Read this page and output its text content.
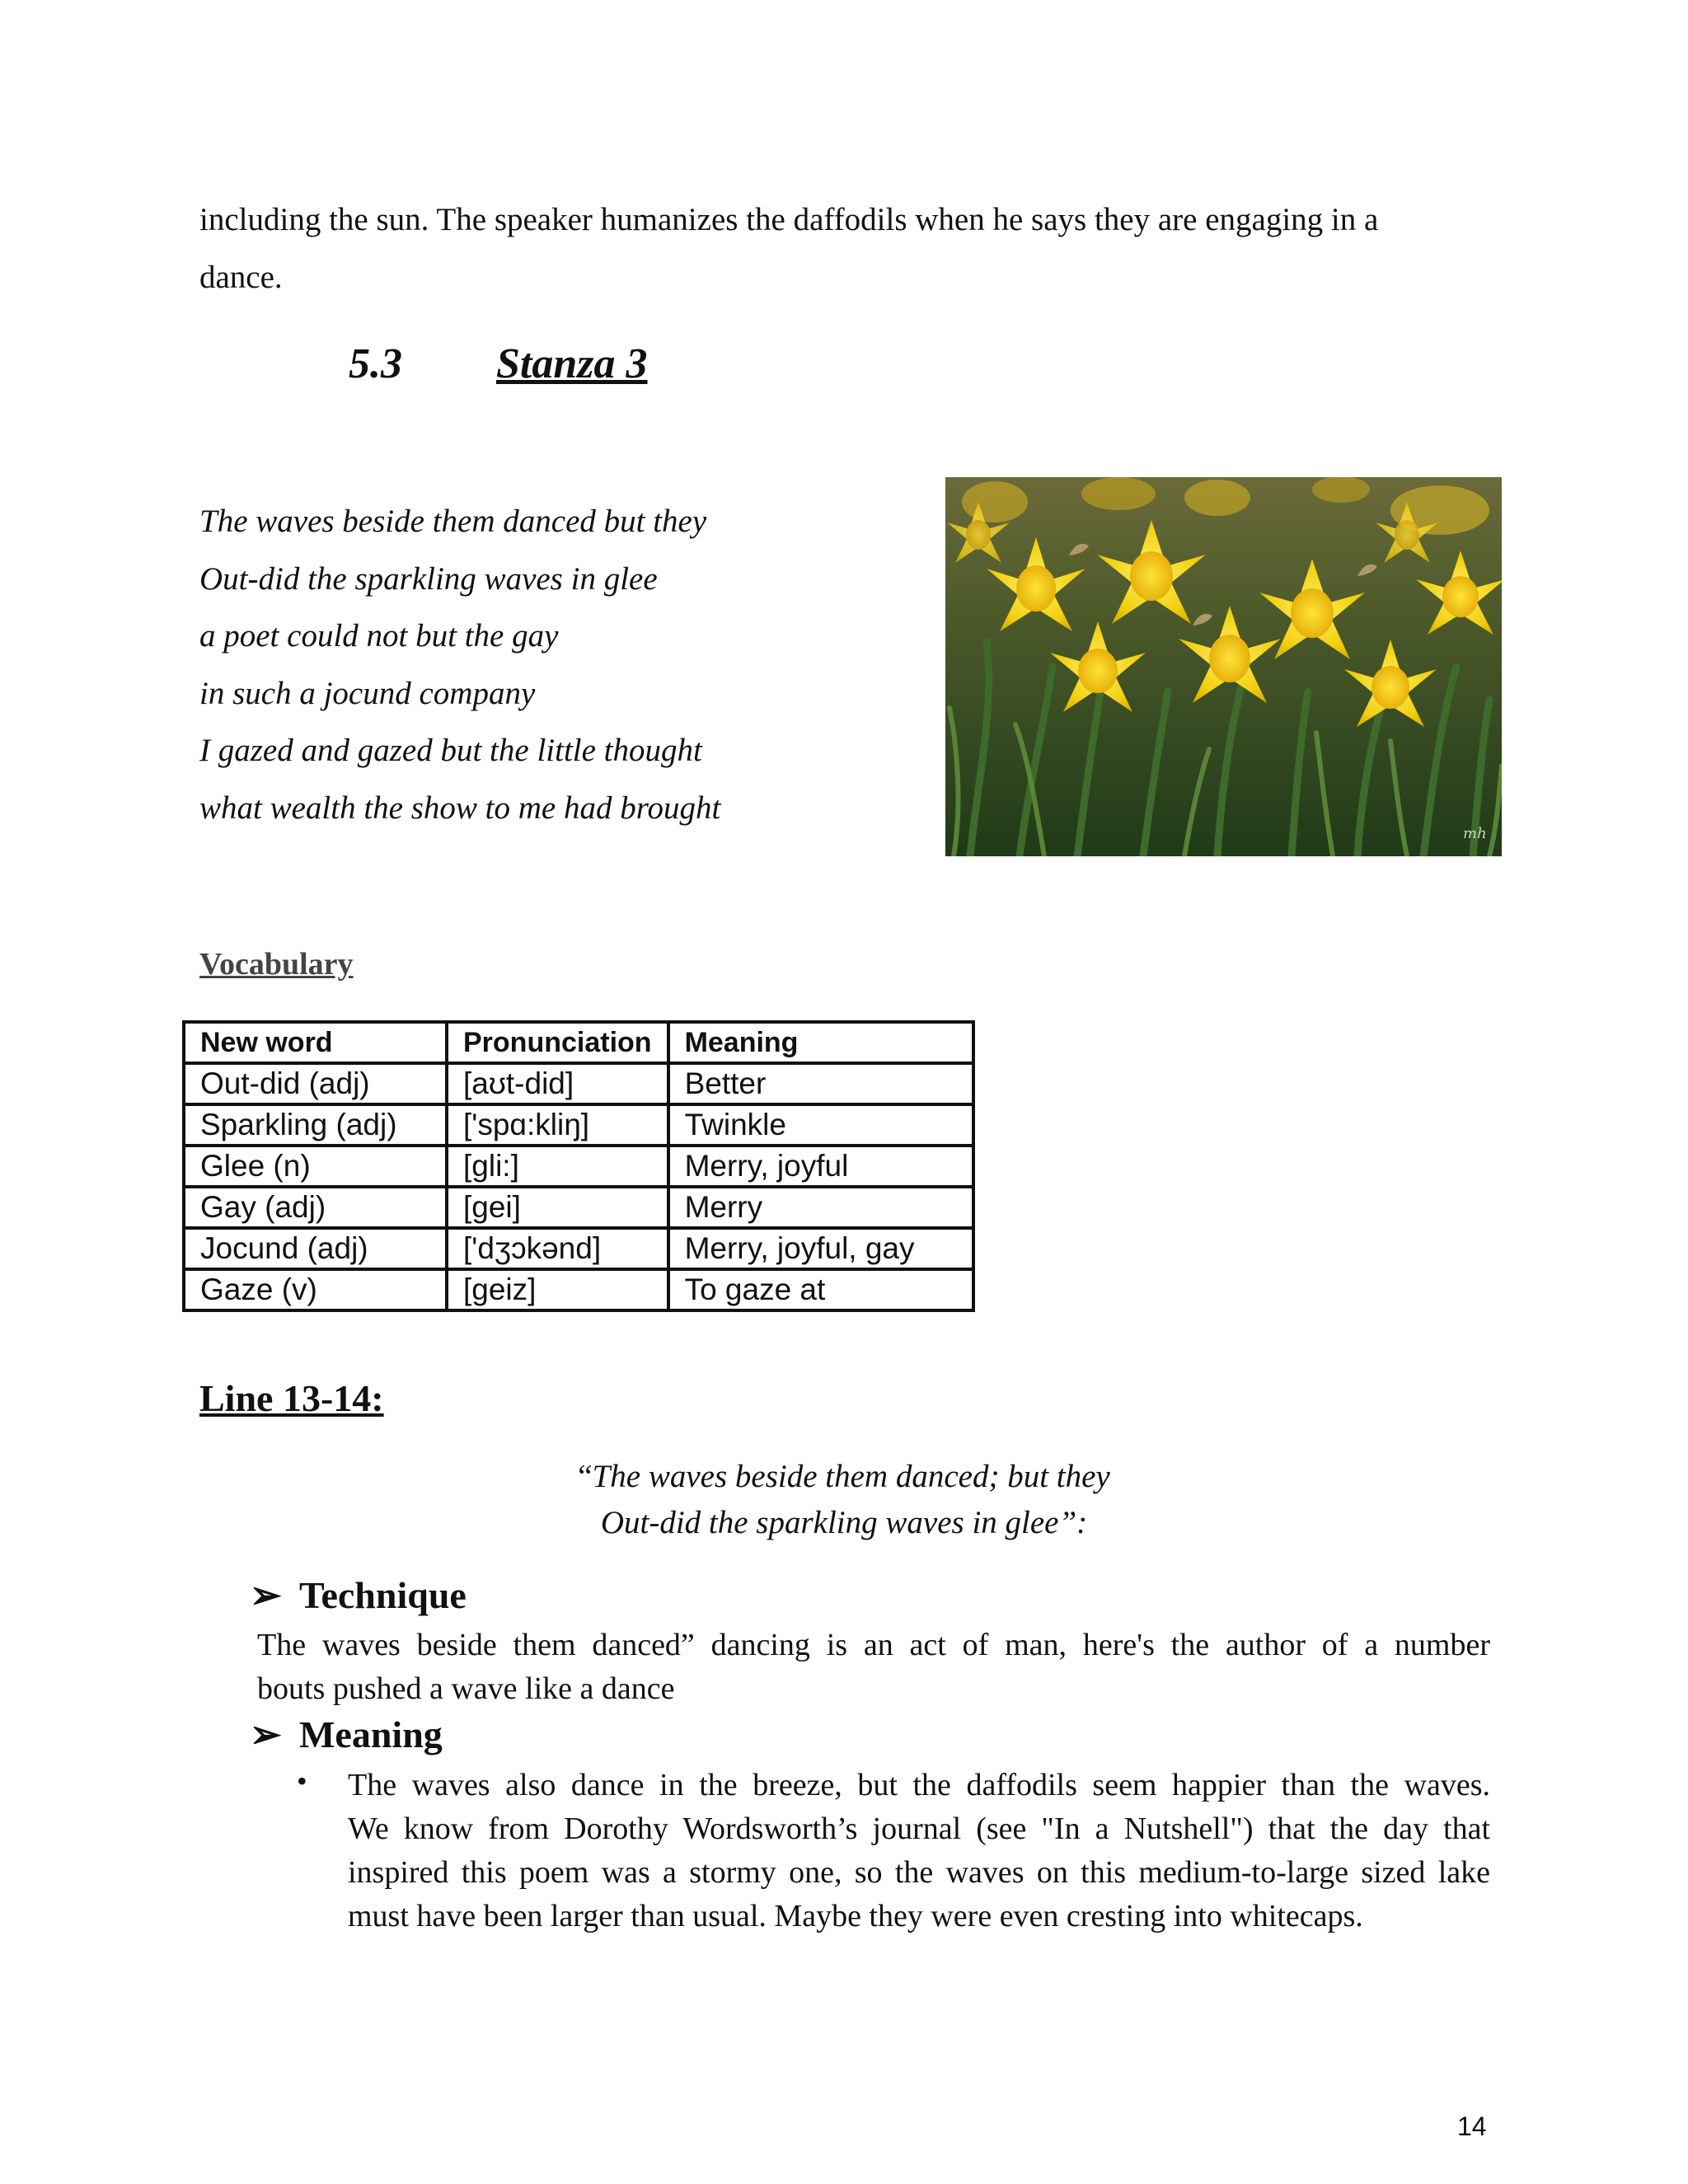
including the sun. The speaker humanizes the daffodils when he says they are engaging in a
dance.
5.3 Stanza 3
The waves beside them danced but they
Out-did the sparkling waves in glee
a poet could not but the gay
in such a jocund company
I gazed and gazed but the little thought
what wealth the show to me had brought
mh
Vocabulary
New word	Pronunciation	Meaning
Out-did (adj)	[aʊt-did]	Better
Sparkling (adj)	['spɑ:kliŋ]	Twinkle
Glee (n)	[gli:]	Merry, joyful
Gay (adj)	[gei]	Merry
Jocund (adj)	['dʒɔkənd]	Merry, joyful, gay
Gaze (v)	[geiz]	To gaze at
Line 13-14:
“The waves beside them danced; but they
Out-did the sparkling waves in glee”:
➢ Technique
The waves beside them danced” dancing is an act of man, here's the author of a number
bouts pushed a wave like a dance
➢ Meaning
• The waves also dance in the breeze, but the daffodils seem happier than the waves.
We know from Dorothy Wordsworth’s journal (see "In a Nutshell") that the day that
inspired this poem was a stormy one, so the waves on this medium-to-large sized lake
must have been larger than usual. Maybe they were even cresting into whitecaps.
14
